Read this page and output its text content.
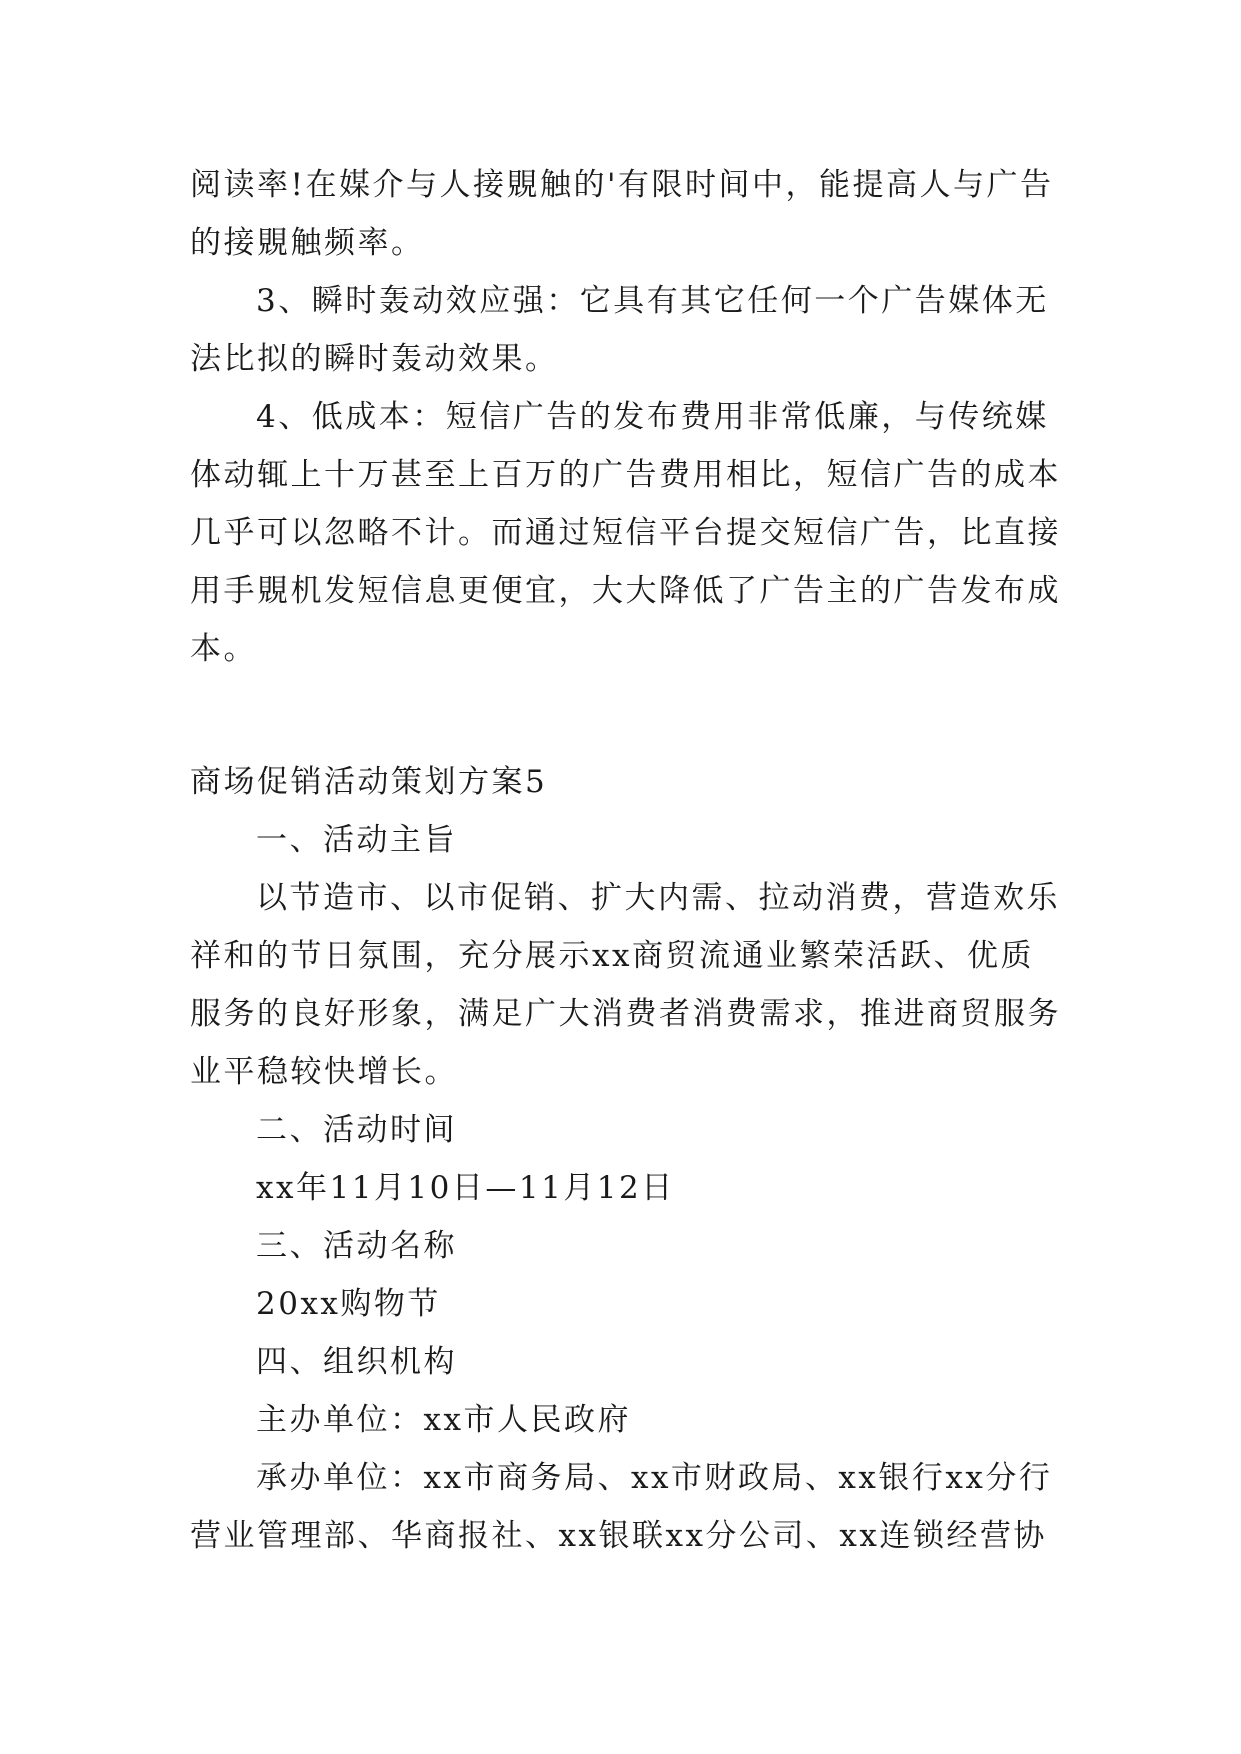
阅读率!在媒介与人接覞触的'有限时间中，能提高人与广告

的接覞触频率。

3、瞬时轰动效应强：它具有其它任何一个广告媒体无

法比拟的瞬时轰动效果。

4、低成本：短信广告的发布费用非常低廉，与传统媒

体动辄上十万甚至上百万的广告费用相比，短信广告的成本

几乎可以忽略不计。而通过短信平台提交短信广告，比直接

用手覞机发短信息更便宜，大大降低了广告主的广告发布成

本。

商场促销活动策划方案5

一、活动主旨

以节造市、以市促销、扩大内需、拉动消费，营造欢乐

祥和的节日氛围，充分展示xx商贸流通业繁荣活跃、优质

服务的良好形象，满足广大消费者消费需求，推进商贸服务

业平稳较快增长。

二、活动时间

xx年11月10日—11月12日

三、活动名称

20xx购物节

四、组织机构

主办单位：xx市人民政府

承办单位：xx市商务局、xx市财政局、xx银行xx分行

营业管理部、华商报社、xx银联xx分公司、xx连锁经营协
